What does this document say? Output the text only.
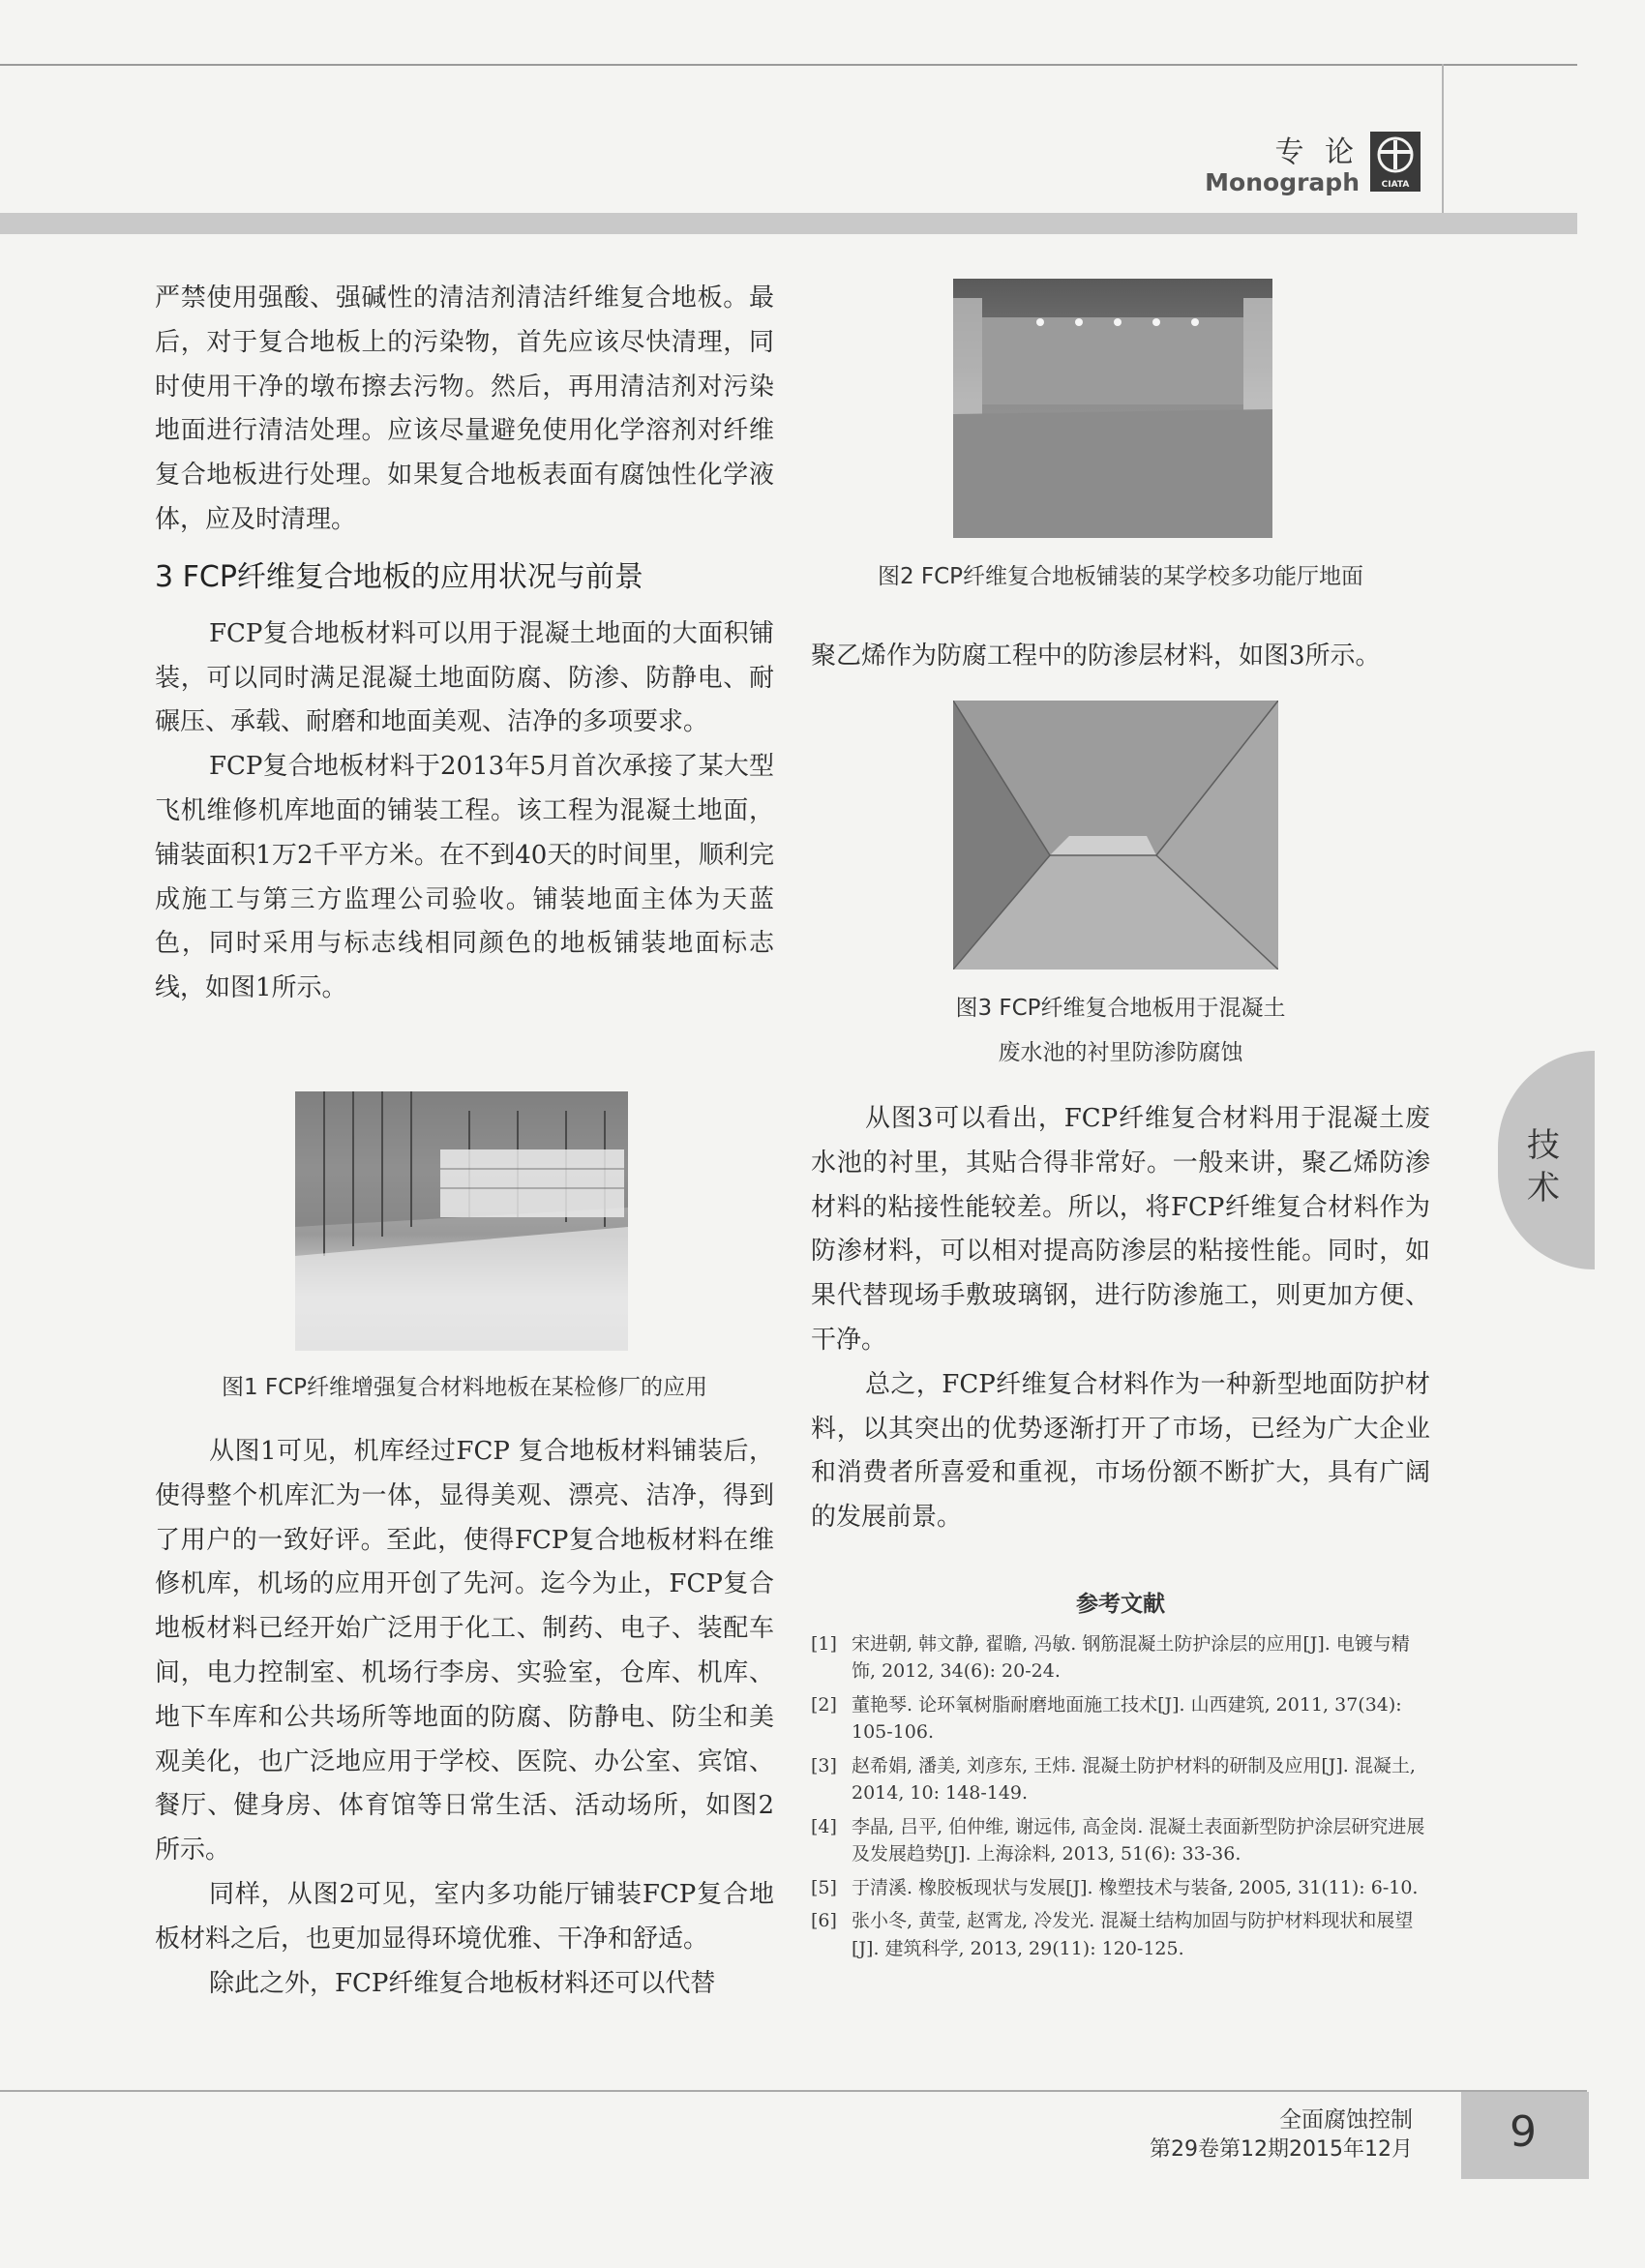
专 论
Monograph	CIATA

严禁使用强酸、强碱性的清洁剂清洁纤维复合地板。最后，对于复合地板上的污染物，首先应该尽快清理，同时使用干净的墩布擦去污物。然后，再用清洁剂对污染地面进行清洁处理。应该尽量避免使用化学溶剂对纤维复合地板进行处理。如果复合地板表面有腐蚀性化学液体，应及时清理。

3 FCP纤维复合地板的应用状况与前景

FCP复合地板材料可以用于混凝土地面的大面积铺装，可以同时满足混凝土地面防腐、防渗、防静电、耐碾压、承载、耐磨和地面美观、洁净的多项要求。

FCP复合地板材料于2013年5月首次承接了某大型飞机维修机库地面的铺装工程。该工程为混凝土地面，铺装面积1万2千平方米。在不到40天的时间里，顺利完成施工与第三方监理公司验收。铺装地面主体为天蓝色，同时采用与标志线相同颜色的地板铺装地面标志线，如图1所示。

图1 FCP纤维增强复合材料地板在某检修厂的应用

从图1可见，机库经过FCP 复合地板材料铺装后，使得整个机库汇为一体，显得美观、漂亮、洁净，得到了用户的一致好评。至此，使得FCP复合地板材料在维修机库，机场的应用开创了先河。迄今为止，FCP复合地板材料已经开始广泛用于化工、制药、电子、装配车间，电力控制室、机场行李房、实验室，仓库、机库、地下车库和公共场所等地面的防腐、防静电、防尘和美观美化，也广泛地应用于学校、医院、办公室、宾馆、餐厅、健身房、体育馆等日常生活、活动场所，如图2所示。

同样，从图2可见，室内多功能厅铺装FCP复合地板材料之后，也更加显得环境优雅、干净和舒适。

除此之外，FCP纤维复合地板材料还可以代替

图2 FCP纤维复合地板铺装的某学校多功能厅地面

聚乙烯作为防腐工程中的防渗层材料，如图3所示。

图3 FCP纤维复合地板用于混凝土
废水池的衬里防渗防腐蚀

从图3可以看出，FCP纤维复合材料用于混凝土废水池的衬里，其贴合得非常好。一般来讲，聚乙烯防渗材料的粘接性能较差。所以，将FCP纤维复合材料作为防渗材料，可以相对提高防渗层的粘接性能。同时，如果代替现场手敷玻璃钢，进行防渗施工，则更加方便、干净。

总之，FCP纤维复合材料作为一种新型地面防护材料，以其突出的优势逐渐打开了市场，已经为广大企业和消费者所喜爱和重视，市场份额不断扩大，具有广阔的发展前景。

参考文献
[1] 宋进朝, 韩文静, 翟瞻, 冯敏. 钢筋混凝土防护涂层的应用[J]. 电镀与精饰, 2012, 34(6): 20-24.
[2] 董艳琴. 论环氧树脂耐磨地面施工技术[J]. 山西建筑, 2011, 37(34): 105-106.
[3] 赵希娟, 潘美, 刘彦东, 王炜. 混凝土防护材料的研制及应用[J]. 混凝土, 2014, 10: 148-149.
[4] 李晶, 吕平, 伯仲维, 谢远伟, 高金岗. 混凝土表面新型防护涂层研究进展及发展趋势[J]. 上海涂料, 2013, 51(6): 33-36.
[5] 于清溪. 橡胶板现状与发展[J]. 橡塑技术与装备, 2005, 31(11): 6-10.
[6] 张小冬, 黄莹, 赵霄龙, 冷发光. 混凝土结构加固与防护材料现状和展望[J]. 建筑科学, 2013, 29(11): 120-125.
技
术
全面腐蚀控制
第29卷第12期2015年12月 9
